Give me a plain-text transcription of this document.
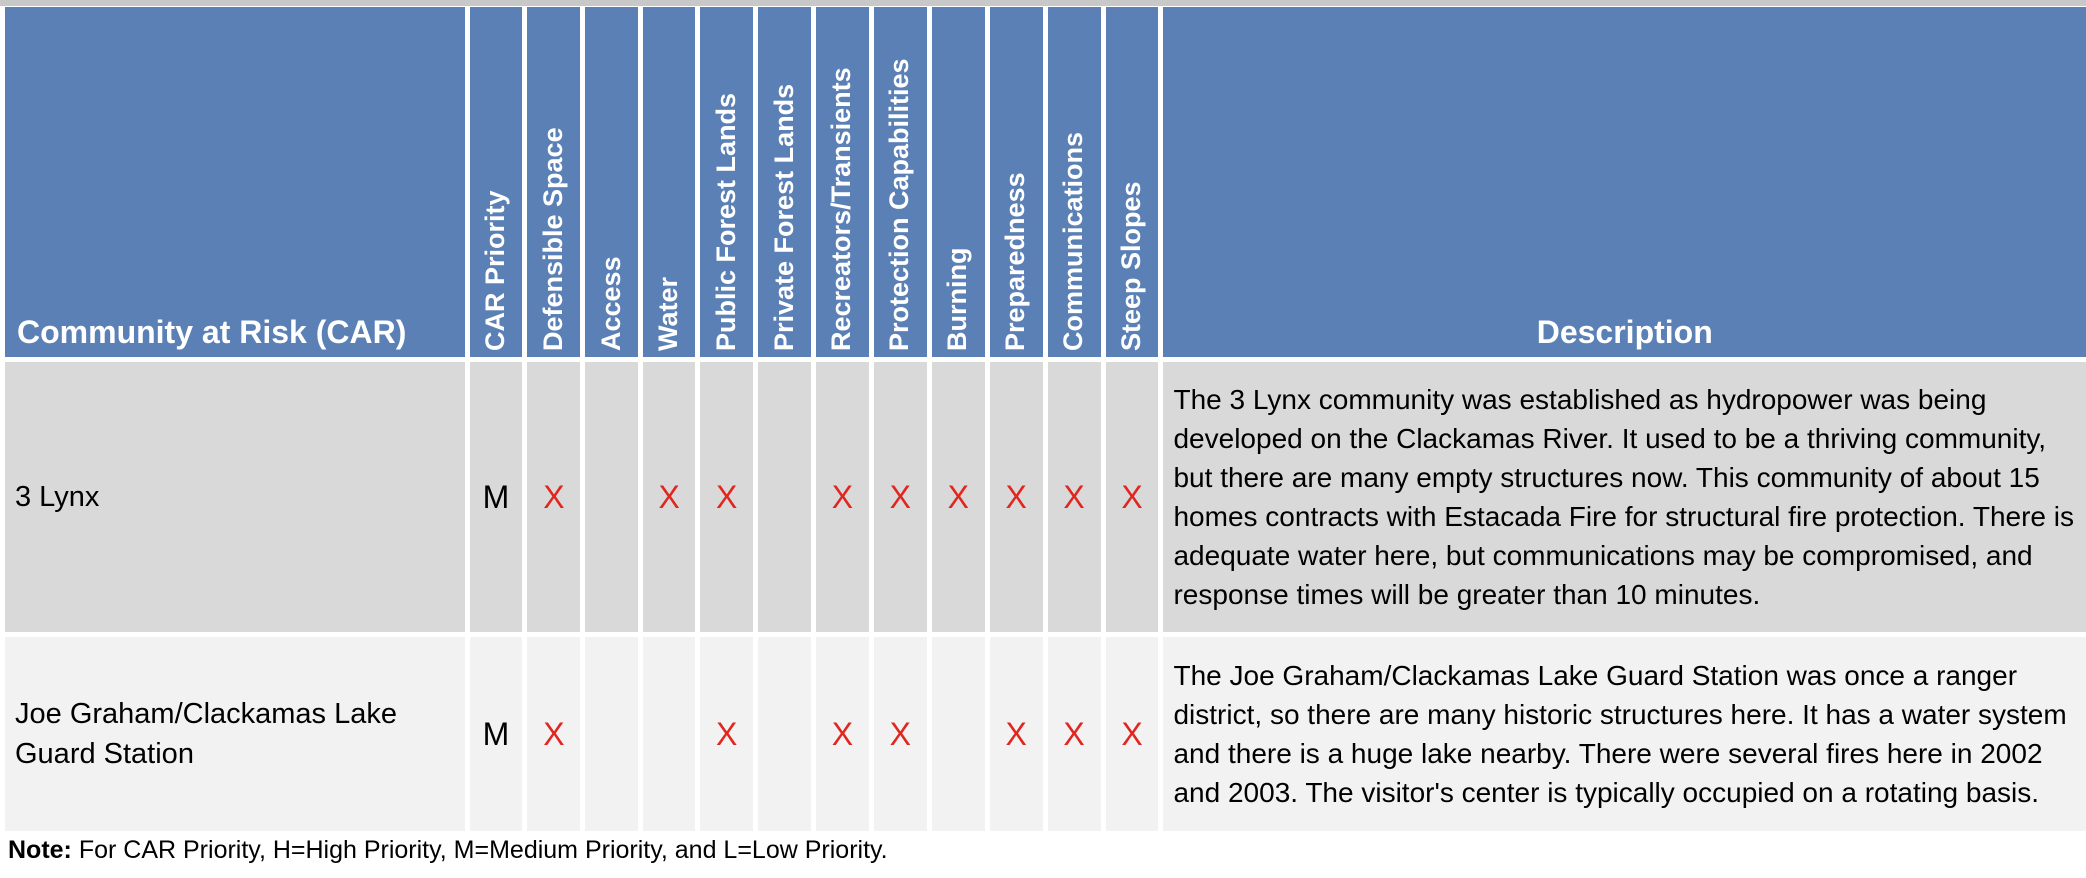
Community at Risk (CAR)	CAR Priority	Defensible Space	Access	Water	Public Forest Lands	Private Forest Lands	Recreators/Transients	Protection Capabilities	Burning	Preparedness	Communications	Steep Slopes	Description
3 Lynx	M	X		X	X		X	X	X	X	X	X	The 3 Lynx community was established as hydropower was being developed on the Clackamas River. It used to be a thriving community, but there are many empty structures now. This community of about 15 homes contracts with Estacada Fire for structural fire protection. There is adequate water here, but communications may be compromised, and response times will be greater than 10 minutes.
Joe Graham/Clackamas Lake Guard Station	M	X			X		X	X		X	X	X	The Joe Graham/Clackamas Lake Guard Station was once a ranger district, so there are many historic structures here. It has a water system and there is a huge lake nearby. There were several fires here in 2002 and 2003. The visitor's center is typically occupied on a rotating basis.
Note: For CAR Priority, H=High Priority, M=Medium Priority, and L=Low Priority.
